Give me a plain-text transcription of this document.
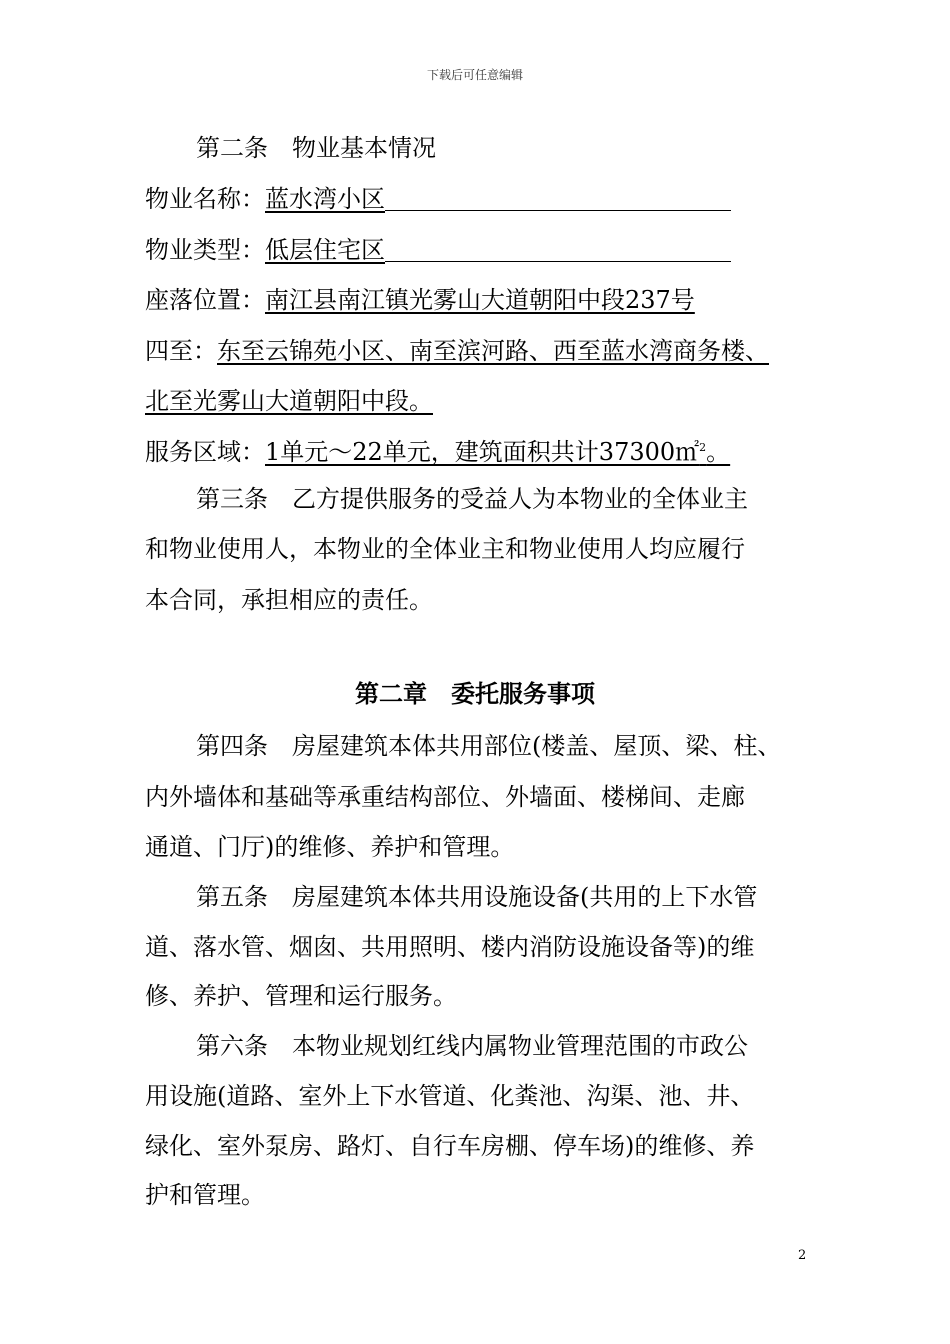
下载后可任意编辑
第二条　物业基本情况
物业名称：蓝水湾小区
物业类型：低层住宅区
座落位置：南江县南江镇光雾山大道朝阳中段237号
四至：东至云锦苑小区、南至滨河路、西至蓝水湾商务楼、
北至光雾山大道朝阳中段。
服务区域：1单元～22单元，建筑面积共计37300㎡$^2$。
第三条　乙方提供服务的受益人为本物业的全体业主
和物业使用人，本物业的全体业主和物业使用人均应履行
本合同，承担相应的责任。
第二章　委托服务事项
第四条　房屋建筑本体共用部位(楼盖、屋顶、梁、柱、
内外墙体和基础等承重结构部位、外墙面、楼梯间、走廊
通道、门厅)的维修、养护和管理。
第五条　房屋建筑本体共用设施设备(共用的上下水管
道、落水管、烟囱、共用照明、楼内消防设施设备等)的维
修、养护、管理和运行服务。
第六条　本物业规划红线内属物业管理范围的市政公
用设施(道路、室外上下水管道、化粪池、沟渠、池、井、
绿化、室外泵房、路灯、自行车房棚、停车场)的维修、养
护和管理。
2
